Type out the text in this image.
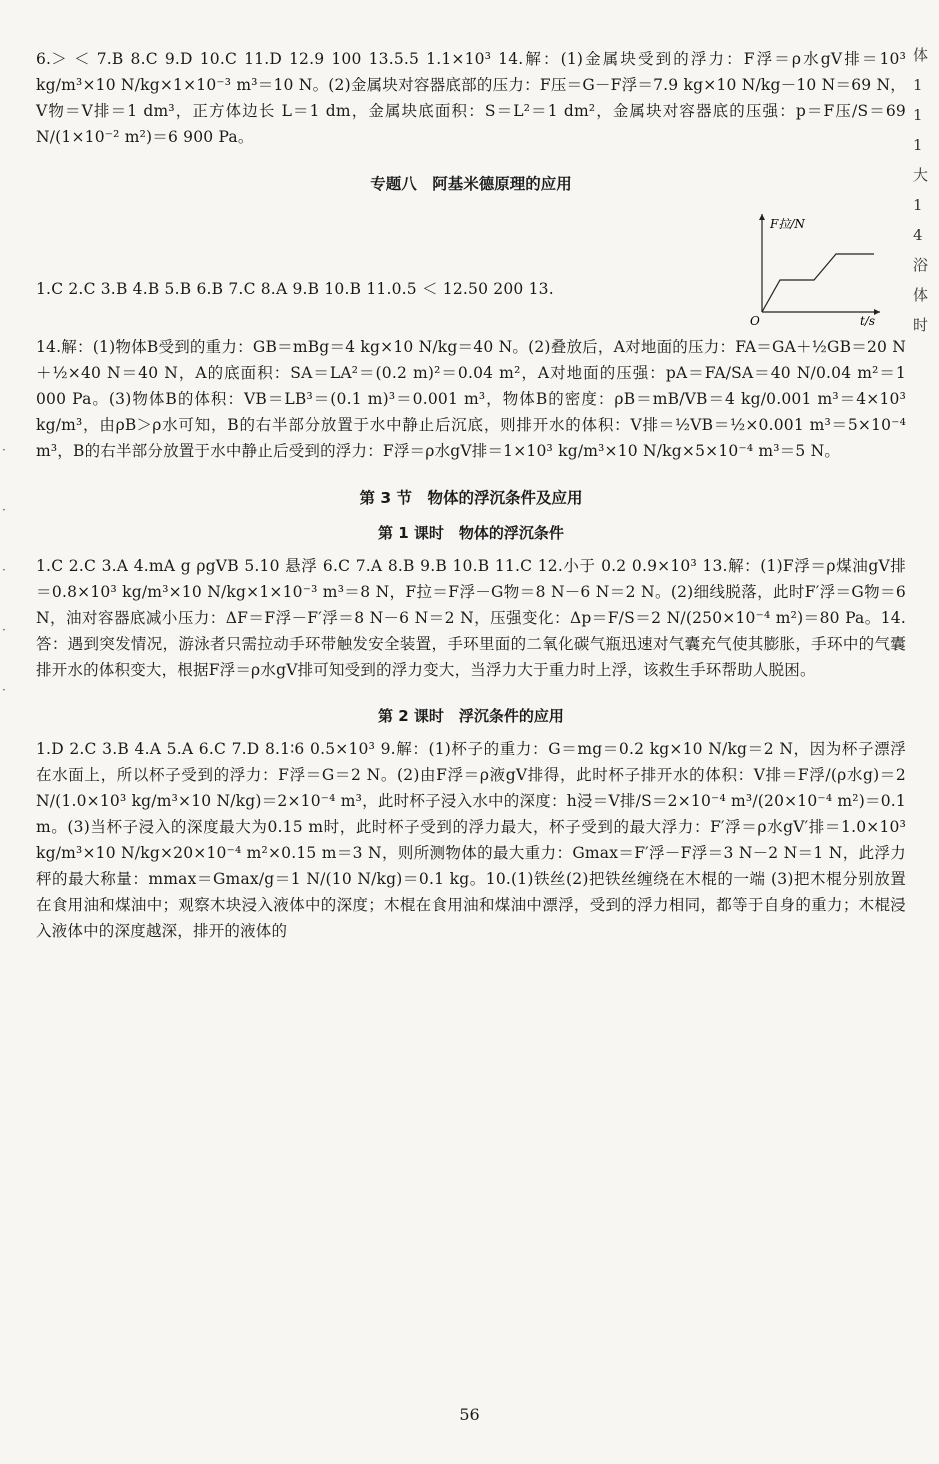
体 1 1 1 大 1 4 浴 体 时
· · · · ·

6.＞ ＜ 7.B 8.C 9.D 10.C 11.D 12.9 100 13.5.5 1.1×10³ 14.解：(1)金属块受到的浮力：F浮＝ρ水gV排＝10³ kg/m³×10 N/kg×1×10⁻³ m³＝10 N。(2)金属块对容器底部的压力：F压＝G－F浮＝7.9 kg×10 N/kg－10 N＝69 N，V物＝V排＝1 dm³，正方体边长 L＝1 dm，金属块底面积：S＝L²＝1 dm²，金属块对容器底的压强：p＝F压/S＝69 N/(1×10⁻² m²)＝6 900 Pa。

专题八　阿基米德原理的应用

1.C 2.C 3.B 4.B 5.B 6.B 7.C 8.A 9.B 10.B 11.0.5 ＜ 12.50 200 13.

F拉/N
t/s
O

14.解：(1)物体B受到的重力：GB＝mBg＝4 kg×10 N/kg＝40 N。(2)叠放后，A对地面的压力：FA＝GA＋½GB＝20 N＋½×40 N＝40 N，A的底面积：SA＝LA²＝(0.2 m)²＝0.04 m²，A对地面的压强：pA＝FA/SA＝40 N/0.04 m²＝1 000 Pa。(3)物体B的体积：VB＝LB³＝(0.1 m)³＝0.001 m³，物体B的密度：ρB＝mB/VB＝4 kg/0.001 m³＝4×10³ kg/m³，由ρB＞ρ水可知，B的右半部分放置于水中静止后沉底，则排开水的体积：V排＝½VB＝½×0.001 m³＝5×10⁻⁴ m³，B的右半部分放置于水中静止后受到的浮力：F浮＝ρ水gV排＝1×10³ kg/m³×10 N/kg×5×10⁻⁴ m³＝5 N。

第 3 节　物体的浮沉条件及应用
第 1 课时　物体的浮沉条件

1.C 2.C 3.A 4.mA g ρgVB 5.10 悬浮 6.C 7.A 8.B 9.B 10.B 11.C 12.小于 0.2 0.9×10³ 13.解：(1)F浮＝ρ煤油gV排＝0.8×10³ kg/m³×10 N/kg×1×10⁻³ m³＝8 N，F拉＝F浮－G物＝8 N－6 N＝2 N。(2)细线脱落，此时F′浮＝G物＝6 N，油对容器底减小压力：ΔF＝F浮－F′浮＝8 N－6 N＝2 N，压强变化：Δp＝F/S＝2 N/(250×10⁻⁴ m²)＝80 Pa。14.答：遇到突发情况，游泳者只需拉动手环带触发安全装置，手环里面的二氧化碳气瓶迅速对气囊充气使其膨胀，手环中的气囊排开水的体积变大，根据F浮＝ρ水gV排可知受到的浮力变大，当浮力大于重力时上浮，该救生手环帮助人脱困。

第 2 课时　浮沉条件的应用

1.D 2.C 3.B 4.A 5.A 6.C 7.D 8.1∶6 0.5×10³ 9.解：(1)杯子的重力：G＝mg＝0.2 kg×10 N/kg＝2 N，因为杯子漂浮在水面上，所以杯子受到的浮力：F浮＝G＝2 N。(2)由F浮＝ρ液gV排得，此时杯子排开水的体积：V排＝F浮/(ρ水g)＝2 N/(1.0×10³ kg/m³×10 N/kg)＝2×10⁻⁴ m³，此时杯子浸入水中的深度：h浸＝V排/S＝2×10⁻⁴ m³/(20×10⁻⁴ m²)＝0.1 m。(3)当杯子浸入的深度最大为0.15 m时，此时杯子受到的浮力最大，杯子受到的最大浮力：F′浮＝ρ水gV′排＝1.0×10³ kg/m³×10 N/kg×20×10⁻⁴ m²×0.15 m＝3 N，则所测物体的最大重力：Gmax＝F′浮－F浮＝3 N－2 N＝1 N，此浮力秤的最大称量：mmax＝Gmax/g＝1 N/(10 N/kg)＝0.1 kg。10.(1)铁丝(2)把铁丝缠绕在木棍的一端 (3)把木棍分别放置在食用油和煤油中；观察木块浸入液体中的深度；木棍在食用油和煤油中漂浮，受到的浮力相同，都等于自身的重力；木棍浸入液体中的深度越深，排开的液体的

56
